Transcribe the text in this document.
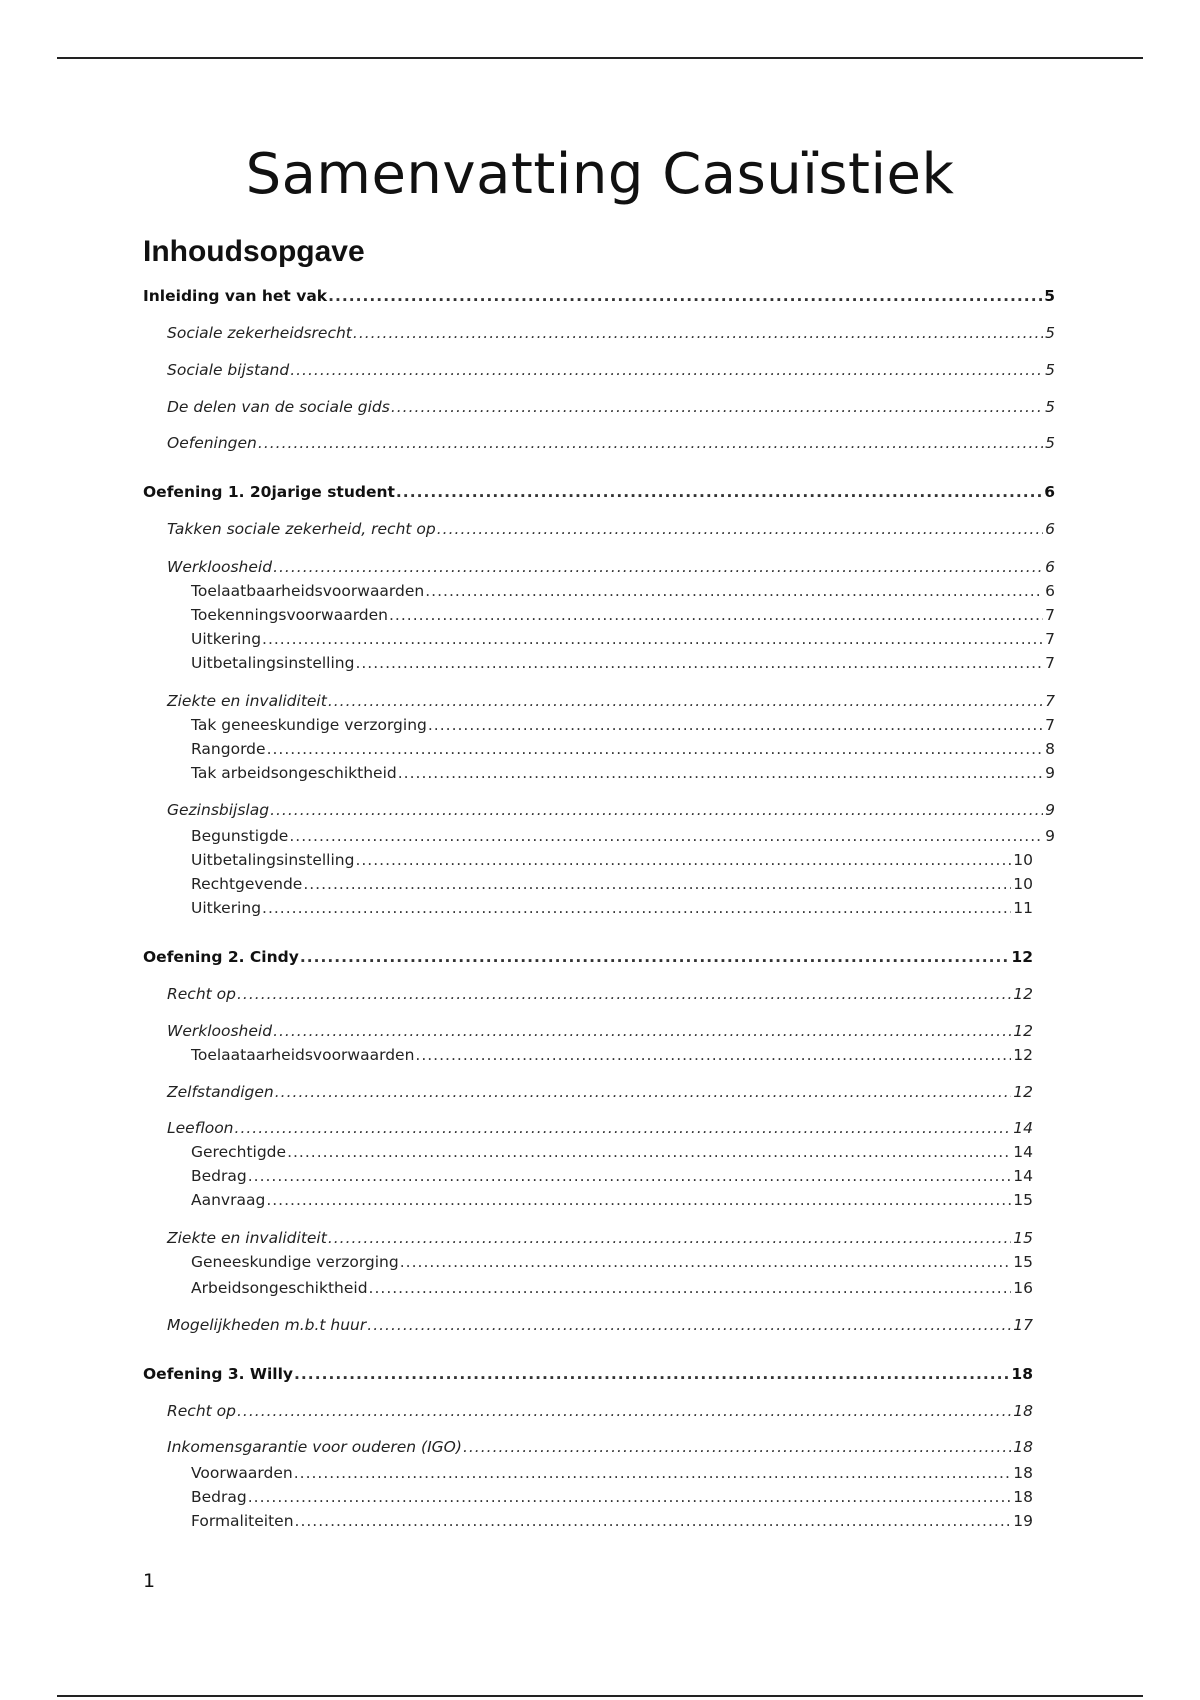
Samenvatting Casuïstiek
Inhoudsopgave
Inleiding van het vak .....	5
Sociale zekerheidsrecht .....	5
Sociale bijstand .....	5
De delen van de sociale gids .....	5
Oefeningen .....	5
Oefening 1. 20jarige student .....	6
Takken sociale zekerheid, recht op .....	6
Werkloosheid .....	6
Toelaatbaarheidsvoorwaarden .....	6
Toekenningsvoorwaarden .....	7
Uitkering .....	7
Uitbetalingsinstelling .....	7
Ziekte en invaliditeit .....	7
Tak geneeskundige verzorging .....	7
Rangorde .....	8
Tak arbeidsongeschiktheid .....	9
Gezinsbijslag .....	9
Begunstigde .....	9
Uitbetalingsinstelling .....	10
Rechtgevende .....	10
Uitkering .....	11
Oefening 2. Cindy .....	12
Recht op .....	12
Werkloosheid .....	12
Toelaataarheidsvoorwaarden .....	12
Zelfstandigen .....	12
Leefloon .....	14
Gerechtigde .....	14
Bedrag .....	14
Aanvraag .....	15
Ziekte en invaliditeit .....	15
Geneeskundige verzorging .....	15
Arbeidsongeschiktheid .....	16
Mogelijkheden m.b.t huur .....	17
Oefening 3. Willy .....	18
Recht op .....	18
Inkomensgarantie voor ouderen (IGO) .....	18
Voorwaarden .....	18
Bedrag .....	18
Formaliteiten .....	19
1
